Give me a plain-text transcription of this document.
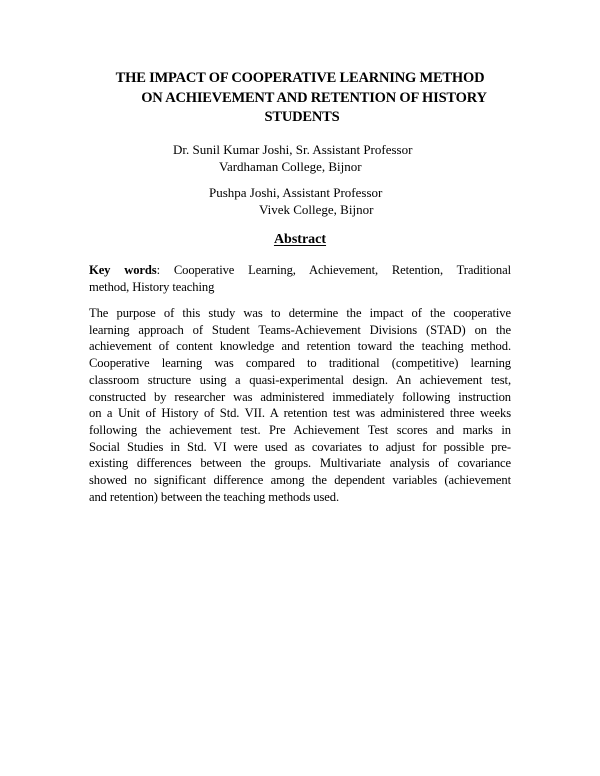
THE IMPACT OF COOPERATIVE LEARNING METHOD
ON ACHIEVEMENT AND RETENTION OF HISTORY
STUDENTS
Dr. Sunil Kumar Joshi, Sr. Assistant Professor
Vardhaman College, Bijnor
Pushpa Joshi, Assistant Professor
Vivek College, Bijnor
Abstract
Key words: Cooperative Learning, Achievement, Retention, Traditional
method, History teaching
The purpose of this study was to determine the impact of the cooperative
learning approach of Student Teams-Achievement Divisions (STAD) on the
achievement of content knowledge and retention toward the teaching method.
Cooperative learning was compared to traditional (competitive) learning
classroom structure using a quasi-experimental design. An achievement test,
constructed by researcher was administered immediately following instruction
on a Unit of History of Std. VII. A retention test was administered three weeks
following the achievement test. Pre Achievement Test scores and marks in
Social Studies in Std. VI were used as covariates to adjust for possible pre-
existing differences between the groups. Multivariate analysis of covariance
showed no significant difference among the dependent variables (achievement
and retention) between the teaching methods used.
